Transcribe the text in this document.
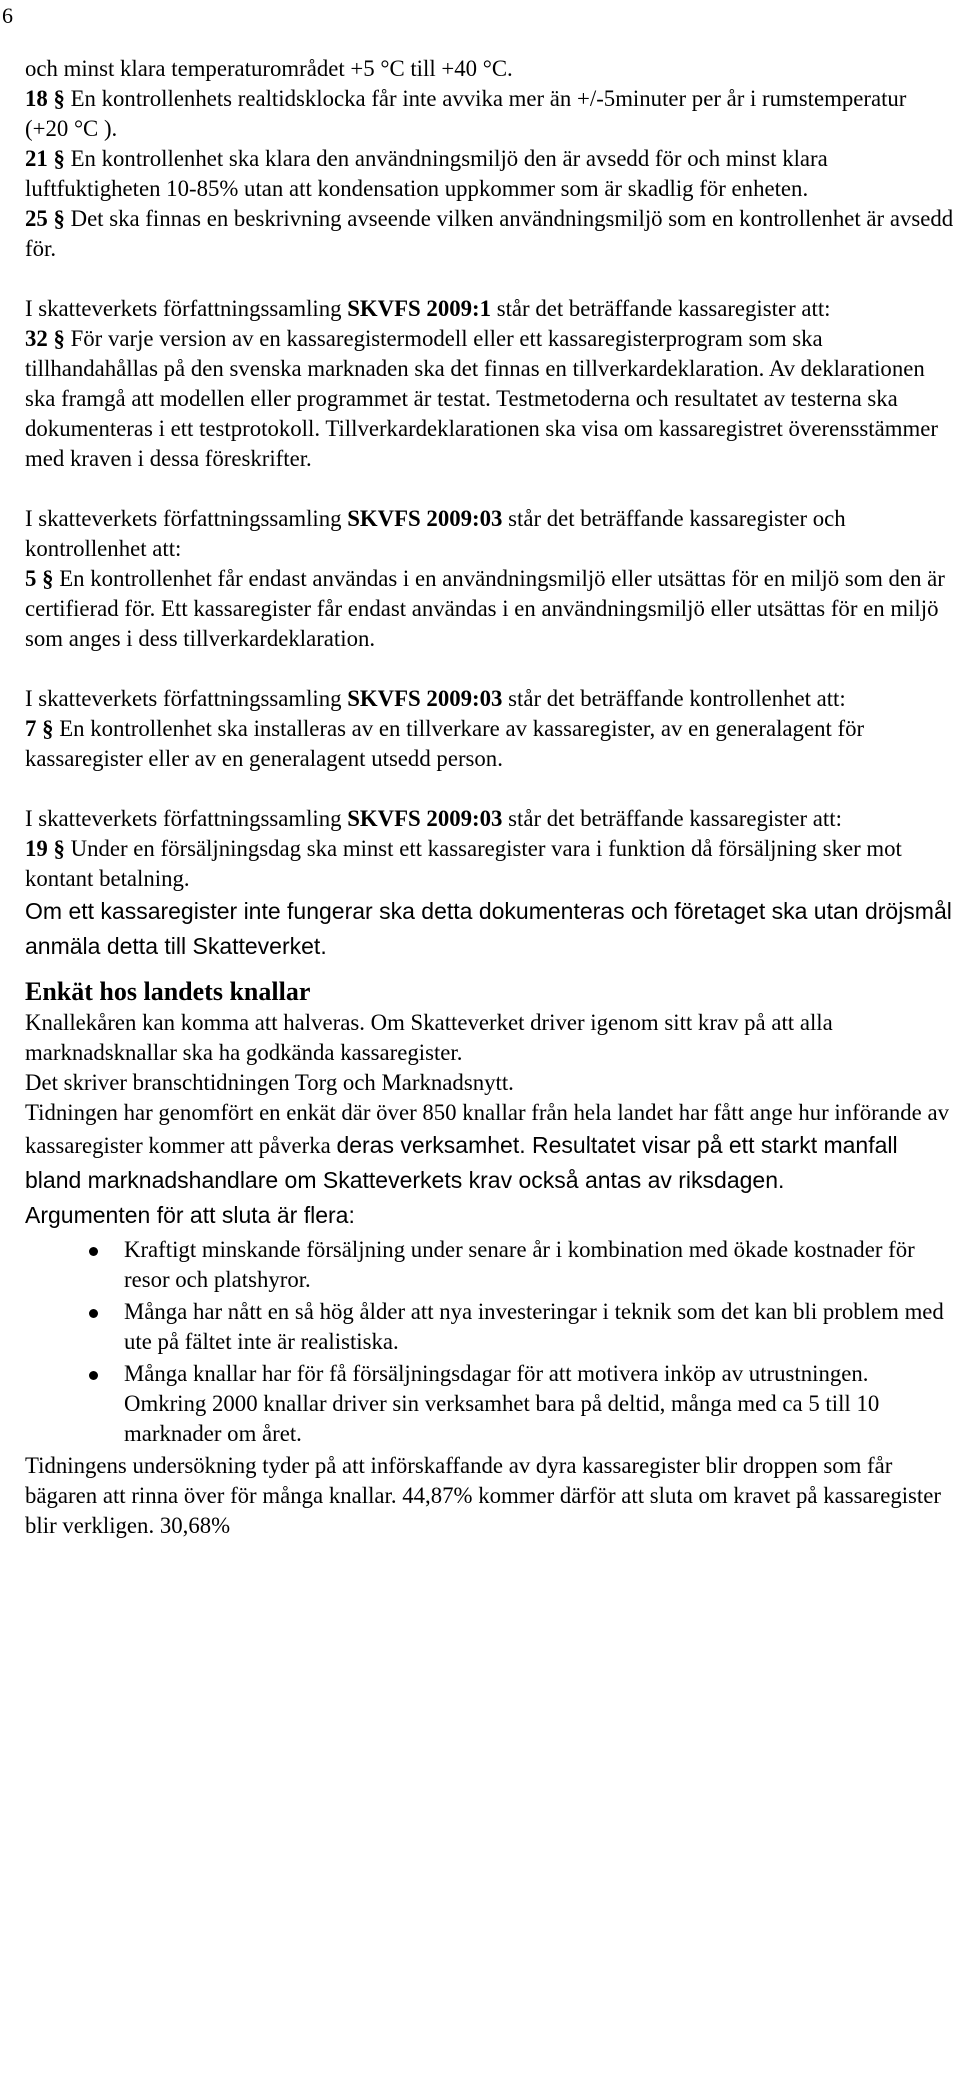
6

och minst klara temperaturområdet +5 °C till +40 °C.

18 § En kontrollenhets realtidsklocka får inte avvika mer än +/-5minuter per år i rumstemperatur (+20 °C ).

21 § En kontrollenhet ska klara den användningsmiljö den är avsedd för och minst klara luftfuktigheten 10-85% utan att kondensation uppkommer som är skadlig för enheten.

25 § Det ska finnas en beskrivning avseende vilken användningsmiljö som en kontrollenhet är avsedd för.

I skatteverkets författningssamling SKVFS 2009:1 står det beträffande kassaregister att:

32 § För varje version av en kassaregistermodell eller ett kassaregisterprogram som ska tillhandahållas på den svenska marknaden ska det finnas en tillverkardeklaration. Av deklarationen ska framgå att modellen eller programmet är testat. Testmetoderna och resultatet av testerna ska dokumenteras i ett testprotokoll. Tillverkardeklarationen ska visa om kassaregistret överensstämmer med kraven i dessa föreskrifter.

I skatteverkets författningssamling SKVFS 2009:03 står det beträffande kassaregister och kontrollenhet att:

5 § En kontrollenhet får endast användas i en användningsmiljö eller utsättas för en miljö som den är certifierad för. Ett kassaregister får endast användas i en användningsmiljö eller utsättas för en miljö som anges i dess tillverkardeklaration.

I skatteverkets författningssamling SKVFS 2009:03 står det beträffande kontrollenhet att:

7 § En kontrollenhet ska installeras av en tillverkare av kassaregister, av en generalagent för kassaregister eller av en generalagent utsedd person.

I skatteverkets författningssamling SKVFS 2009:03 står det beträffande kassaregister att:

19 § Under en försäljningsdag ska minst ett kassaregister vara i funktion då försäljning sker mot kontant betalning.

Om ett kassaregister inte fungerar ska detta dokumenteras och företaget ska utan dröjsmål anmäla detta till Skatteverket.

Enkät hos landets knallar

Knallekåren kan komma att halveras. Om Skatteverket driver igenom sitt krav på att alla marknadsknallar ska ha godkända kassaregister.

Det skriver branschtidningen Torg och Marknadsnytt.

Tidningen har genomfört en enkät där över 850 knallar från hela landet har fått ange hur införande av kassaregister kommer att påverka deras verksamhet. Resultatet visar på ett starkt manfall bland marknadshandlare om Skatteverkets krav också antas av riksdagen.

Argumenten för att sluta är flera:

Kraftigt minskande försäljning under senare år i kombination med ökade kostnader för resor och platshyror.
Många har nått en så hög ålder att nya investeringar i teknik som det kan bli problem med ute på fältet inte är realistiska.
Många knallar har för få försäljningsdagar för att motivera inköp av utrustningen. Omkring 2000 knallar driver sin verksamhet bara på deltid, många med ca 5 till 10 marknader om året.

Tidningens undersökning tyder på att införskaffande av dyra kassaregister blir droppen som får bägaren att rinna över för många knallar. 44,87% kommer därför att sluta om kravet på kassaregister blir verkligen. 30,68%
